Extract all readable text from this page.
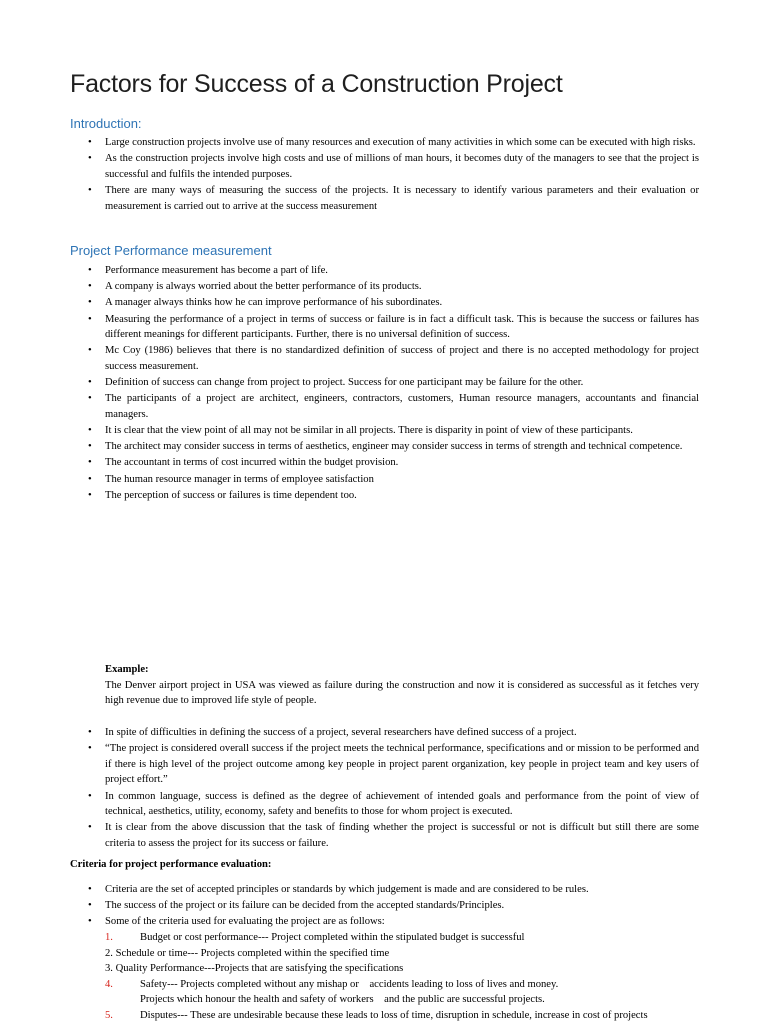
Factors for Success of a Construction Project
Introduction:
• Large construction projects involve use of many resources and execution of many activities in which some can be executed with high risks.
• As the construction projects involve high costs and use of millions of man hours, it becomes duty of the managers to see that the project is successful and fulfils the intended purposes.
• There are many ways of measuring the success of the projects. It is necessary to identify various parameters and their evaluation or measurement is carried out to arrive at the success measurement
Project Performance measurement
• Performance measurement has become a part of life.
• A company is always worried about the better performance of its products.
• A manager always thinks how he can improve performance of his subordinates.
• Measuring the performance of a project in terms of success or failure is in fact a difficult task. This is because the success or failures has different meanings for different participants. Further, there is no universal definition of success.
• Mc Coy (1986) believes that there is no standardized definition of success of project and there is no accepted methodology for project success measurement.
• Definition of success can change from project to project. Success for one participant may be failure for the other.
• The participants of a project are architect, engineers, contractors, customers, Human resource managers, accountants and financial managers.
• It is clear that the view point of all may not be similar in all projects. There is disparity in point of view of these participants.
• The architect may consider success in terms of aesthetics, engineer may consider success in terms of strength and technical competence.
• The accountant in terms of cost incurred within the budget provision.
• The human resource manager in terms of employee satisfaction
• The perception of success or failures is time dependent too.
Example:
The Denver airport project in USA was viewed as failure during the construction and now it is considered as successful as it fetches very high revenue due to improved life style of people.
• In spite of difficulties in defining the success of a project, several researchers have defined success of a project.
• “The project is considered overall success if the project meets the technical performance, specifications and or mission to be performed and if there is high level of the project outcome among key people in project parent organization, key people in project team and key users of project effort.”
• In common language, success is defined as the degree of achievement of intended goals and performance from the point of view of technical, aesthetics, utility, economy, safety and benefits to those for whom project is executed.
• It is clear from the above discussion that the task of finding whether the project is successful or not is difficult but still there are some criteria to assess the project for its success or failure.

Criteria for project performance evaluation:

• Criteria are the set of accepted principles or standards by which judgement is made and are considered to be rules.
• The success of the project or its failure can be decided from the accepted standards/Principles.
• Some of the criteria used for evaluating the project are as follows:
1.	Budget or cost performance--- Project completed within the stipulated budget is successful
2. Schedule or time--- Projects completed within the specified time
3. Quality Performance---Projects that are satisfying the specifications
4.	Safety--- Projects completed without any mishap or    accidents leading to loss of lives and money.
Projects which honour the health and safety of workers    and the public are successful projects.
5.	Disputes--- These are undesirable because these leads to loss of time, disruption in schedule, increase in cost of projects
